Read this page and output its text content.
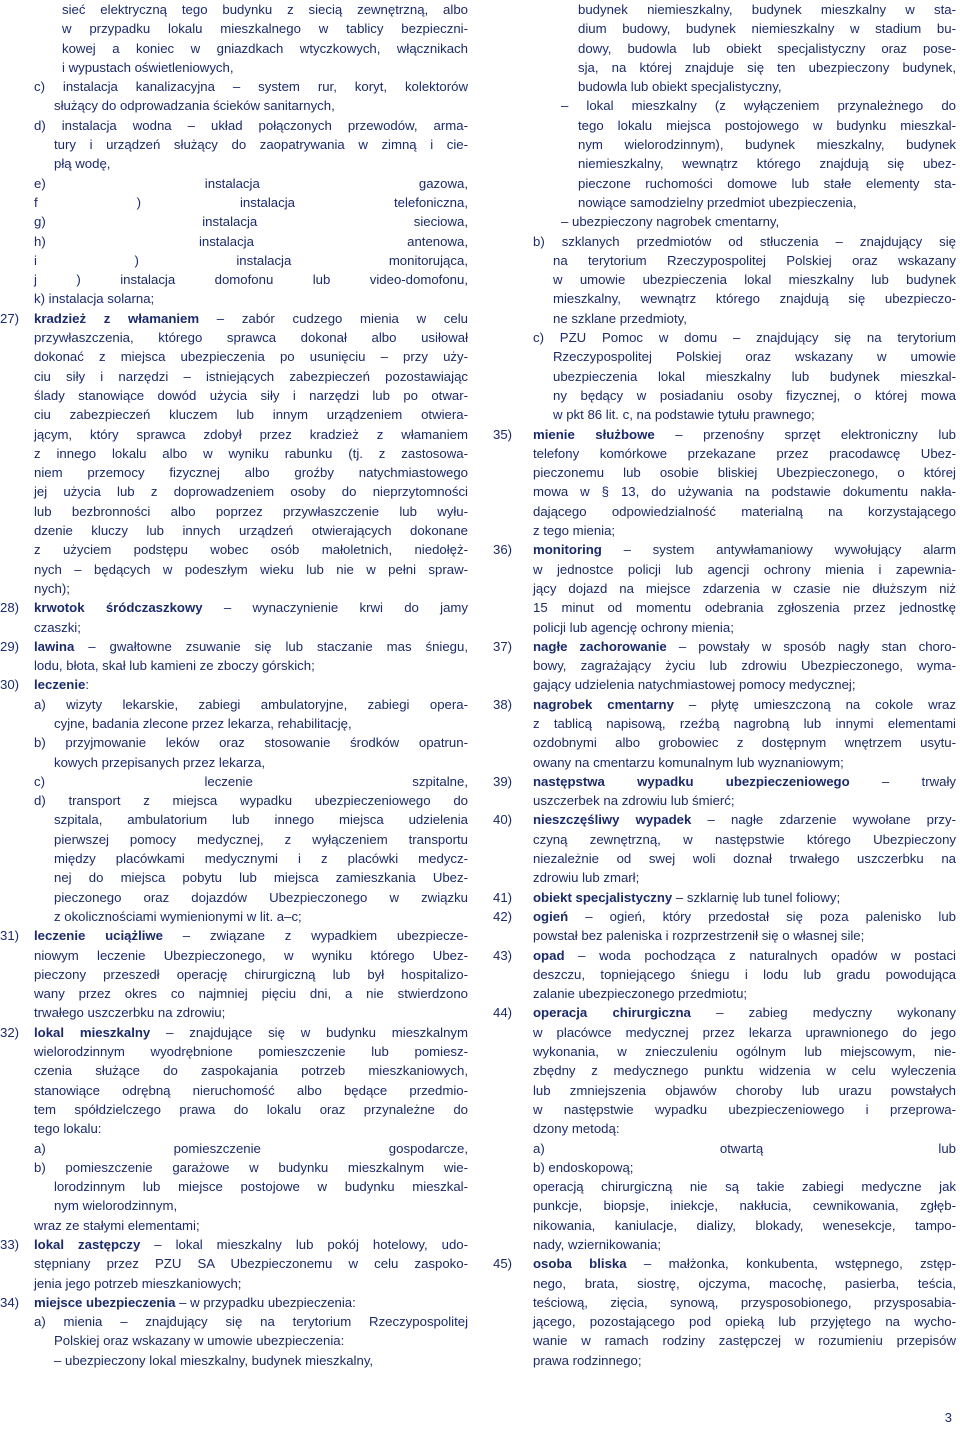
sieć elektryczną tego budynku z siecią zewnętrzną, albo

w przypadku lokalu mieszkalnego w tablicy bezpieczni-

kowej a koniec w gniazdkach wtyczkowych, włącznikach

i wypustach oświetleniowych,

c) instalacja kanalizacyjna – system rur, koryt, kolektorów

służący do odprowadzania ścieków sanitarnych,

d) instalacja wodna – układ połączonych przewodów, arma-

tury i urządzeń służący do zaopatrywania w zimną i cie-

płą wodę,

e) instalacja gazowa,

f ) instalacja telefoniczna,

g) instalacja sieciowa,

h) instalacja antenowa,

i ) instalacja monitorująca,

j ) instalacja domofonu lub video-domofonu,

k) instalacja solarna;

27) kradzież z włamaniem – zabór cudzego mienia w celu

przywłaszczenia, którego sprawca dokonał albo usiłował

dokonać z miejsca ubezpieczenia po usunięciu – przy uży-

ciu siły i narzędzi – istniejących zabezpieczeń pozostawiając

ślady stanowiące dowód użycia siły i narzędzi lub po otwar-

ciu zabezpieczeń kluczem lub innym urządzeniem otwiera-

jącym, który sprawca zdobył przez kradzież z włamaniem

z innego lokalu albo w wyniku rabunku (tj. z zastosowa-

niem przemocy fizycznej albo groźby natychmiastowego

jej użycia lub z doprowadzeniem osoby do nieprzytomności

lub bezbronności albo poprzez przywłaszczenie lub wyłu-

dzenie kluczy lub innych urządzeń otwierających dokonane

z użyciem podstępu wobec osób małoletnich, niedołęż-

nych – będących w podeszłym wieku lub nie w pełni spraw-

nych);

28) krwotok śródczaszkowy – wynaczynienie krwi do jamy

czaszki;

29) lawina – gwałtowne zsuwanie się lub staczanie mas śniegu,

lodu, błota, skał lub kamieni ze zboczy górskich;

30) leczenie:

a) wizyty lekarskie, zabiegi ambulatoryjne, zabiegi opera-

cyjne, badania zlecone przez lekarza, rehabilitację,

b) przyjmowanie leków oraz stosowanie środków opatrun-

kowych przepisanych przez lekarza,

c) leczenie szpitalne,

d) transport z miejsca wypadku ubezpieczeniowego do

szpitala, ambulatorium lub innego miejsca udzielenia

pierwszej pomocy medycznej, z wyłączeniem transportu

między placówkami medycznymi i z placówki medycz-

nej do miejsca pobytu lub miejsca zamieszkania Ubez-

pieczonego oraz dojazdów Ubezpieczonego w związku

z okolicznościami wymienionymi w lit. a–c;

31) leczenie uciążliwe – związane z wypadkiem ubezpiecze-

niowym leczenie Ubezpieczonego, w wyniku którego Ubez-

pieczony przeszedł operację chirurgiczną lub był hospitalizo-

wany przez okres co najmniej pięciu dni, a nie stwierdzono

trwałego uszczerbku na zdrowiu;

32) lokal mieszkalny – znajdujące się w budynku mieszkalnym

wielorodzinnym wyodrębnione pomieszczenie lub pomiesz-

czenia służące do zaspokajania potrzeb mieszkaniowych,

stanowiące odrębną nieruchomość albo będące przedmio-

tem spółdzielczego prawa do lokalu oraz przynależne do

tego lokalu:

a) pomieszczenie gospodarcze,

b) pomieszczenie garażowe w budynku mieszkalnym wie-

lorodzinnym lub miejsce postojowe w budynku mieszkal-

nym wielorodzinnym,

wraz ze stałymi elementami;

33) lokal zastępczy – lokal mieszkalny lub pokój hotelowy, udo-

stępniany przez PZU SA Ubezpieczonemu w celu zaspoko-

jenia jego potrzeb mieszkaniowych;

34) miejsce ubezpieczenia – w przypadku ubezpieczenia:

a) mienia – znajdujący się na terytorium Rzeczypospolitej

Polskiej oraz wskazany w umowie ubezpieczenia:

– ubezpieczony lokal mieszkalny, budynek mieszkalny,

budynek niemieszkalny, budynek mieszkalny w sta-

dium budowy, budynek niemieszkalny w stadium bu-

dowy, budowla lub obiekt specjalistyczny oraz pose-

sja, na której znajduje się ten ubezpieczony budynek,

budowla lub obiekt specjalistyczny,

– lokal mieszkalny (z wyłączeniem przynależnego do

tego lokalu miejsca postojowego w budynku mieszkal-

nym wielorodzinnym), budynek mieszkalny, budynek

niemieszkalny, wewnątrz którego znajdują się ubez-

pieczone ruchomości domowe lub stałe elementy sta-

nowiące samodzielny przedmiot ubezpieczenia,

– ubezpieczony nagrobek cmentarny,

b) szklanych przedmiotów od stłuczenia – znajdujący się

na terytorium Rzeczypospolitej Polskiej oraz wskazany

w umowie ubezpieczenia lokal mieszkalny lub budynek

mieszkalny, wewnątrz którego znajdują się ubezpieczo-

ne szklane przedmioty,

c) PZU Pomoc w domu – znajdujący się na terytorium

Rzeczypospolitej Polskiej oraz wskazany w umowie

ubezpieczenia lokal mieszkalny lub budynek mieszkal-

ny będący w posiadaniu osoby fizycznej, o której mowa

w pkt 86 lit. c, na podstawie tytułu prawnego;

35) mienie służbowe – przenośny sprzęt elektroniczny lub

telefony komórkowe przekazane przez pracodawcę Ubez-

pieczonemu lub osobie bliskiej Ubezpieczonego, o której

mowa w § 13, do używania na podstawie dokumentu nakła-

dającego odpowiedzialność materialną na korzystającego

z tego mienia;

36) monitoring – system antywłamaniowy wywołujący alarm

w jednostce policji lub agencji ochrony mienia i zapewnia-

jący dojazd na miejsce zdarzenia w czasie nie dłuższym niż

15 minut od momentu odebrania zgłoszenia przez jednostkę

policji lub agencję ochrony mienia;

37) nagłe zachorowanie – powstały w sposób nagły stan choro-

bowy, zagrażający życiu lub zdrowiu Ubezpieczonego, wyma-

gający udzielenia natychmiastowej pomocy medycznej;

38) nagrobek cmentarny – płytę umieszczoną na cokole wraz

z tablicą napisową, rzeźbą nagrobną lub innymi elementami

ozdobnymi albo grobowiec z dostępnym wnętrzem usytu-

owany na cmentarzu komunalnym lub wyznaniowym;

39) następstwa wypadku ubezpieczeniowego – trwały

uszczerbek na zdrowiu lub śmierć;

40) nieszczęśliwy wypadek – nagłe zdarzenie wywołane przy-

czyną zewnętrzną, w następstwie którego Ubezpieczony

niezależnie od swej woli doznał trwałego uszczerbku na

zdrowiu lub zmarł;

41) obiekt specjalistyczny – szklarnię lub tunel foliowy;

42) ogień – ogień, który przedostał się poza palenisko lub

powstał bez paleniska i rozprzestrzenił się o własnej sile;

43) opad – woda pochodząca z naturalnych opadów w postaci

deszczu, topniejącego śniegu i lodu lub gradu powodująca

zalanie ubezpieczonego przedmiotu;

44) operacja chirurgiczna – zabieg medyczny wykonany

w placówce medycznej przez lekarza uprawnionego do jego

wykonania, w znieczuleniu ogólnym lub miejscowym, nie-

zbędny z medycznego punktu widzenia w celu wyleczenia

lub zmniejszenia objawów choroby lub urazu powstałych

w następstwie wypadku ubezpieczeniowego i przeprowa-

dzony metodą:

a) otwartą lub

b) endoskopową;

operacją chirurgiczną nie są takie zabiegi medyczne jak

punkcje, biopsje, iniekcje, nakłucia, cewnikowania, zgłęb-

nikowania, kaniulacje, dializy, blokady, wenesekcje, tampo-

nady, wziernikowania;

45) osoba bliska – małżonka, konkubenta, wstępnego, zstęp-

nego, brata, siostrę, ojczyma, macochę, pasierba, teścia,

teściową, zięcia, synową, przysposobionego, przysposabia-

jącego, pozostającego pod opieką lub przyjętego na wycho-

wanie w ramach rodziny zastępczej w rozumieniu przepisów

prawa rodzinnego;

3
